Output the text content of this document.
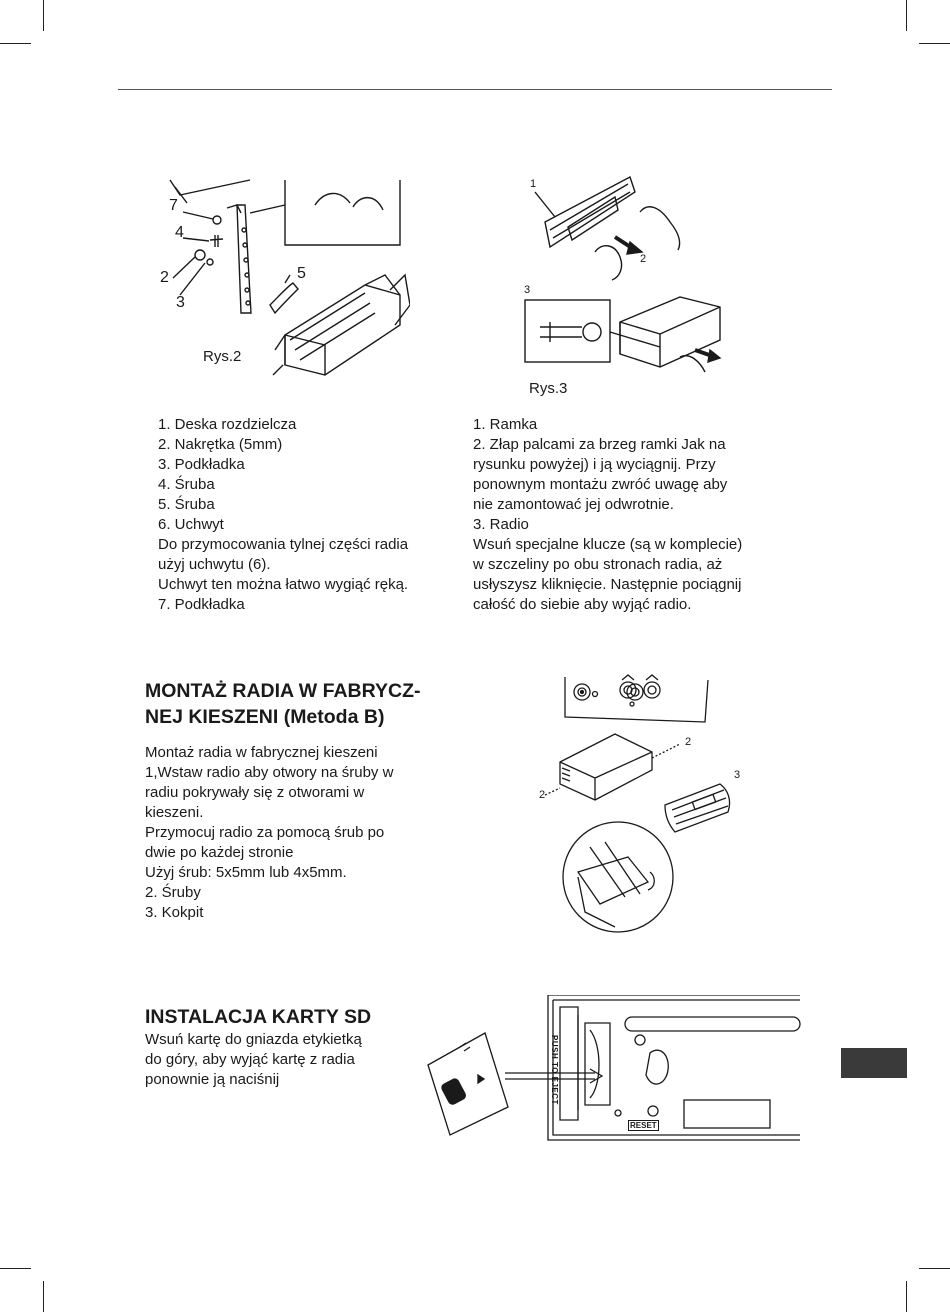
Rys.2
7
4
2
3
5
1
2
3
Rys.3
1. Deska rozdzielcza
2. Nakrętka (5mm)
3. Podkładka
4. Śruba
5. Śruba
6. Uchwyt
Do przymocowania tylnej części radia
użyj uchwytu (6).
Uchwyt ten można łatwo wygiąć ręką.
7. Podkładka
1. Ramka
2. Złap palcami za brzeg ramki Jak na
rysunku powyżej) i ją wyciągnij. Przy
ponownym montażu zwróć uwagę aby
nie zamontować jej odwrotnie.
3. Radio
Wsuń specjalne klucze (są w komplecie)
w szczeliny po obu stronach radia, aż
usłyszysz kliknięcie. Następnie pociągnij
całość do siebie aby wyjąć radio.
MONTAŻ RADIA W FABRYCZ-
NEJ KIESZENI (Metoda B)
Montaż radia w fabrycznej kieszeni
1,Wstaw radio aby otwory na śruby w
radiu pokrywały się z otworami w
kieszeni.
Przymocuj radio za pomocą śrub po
dwie po każdej stronie
Użyj śrub: 5x5mm lub 4x5mm.
2. Śruby
3. Kokpit
2
2
3
INSTALACJA KARTY SD
Wsuń kartę do gniazda etykietką
do góry, aby wyjąć kartę z radia
ponownie ją naciśnij
SD	PUSH TO EJECT
RESET
